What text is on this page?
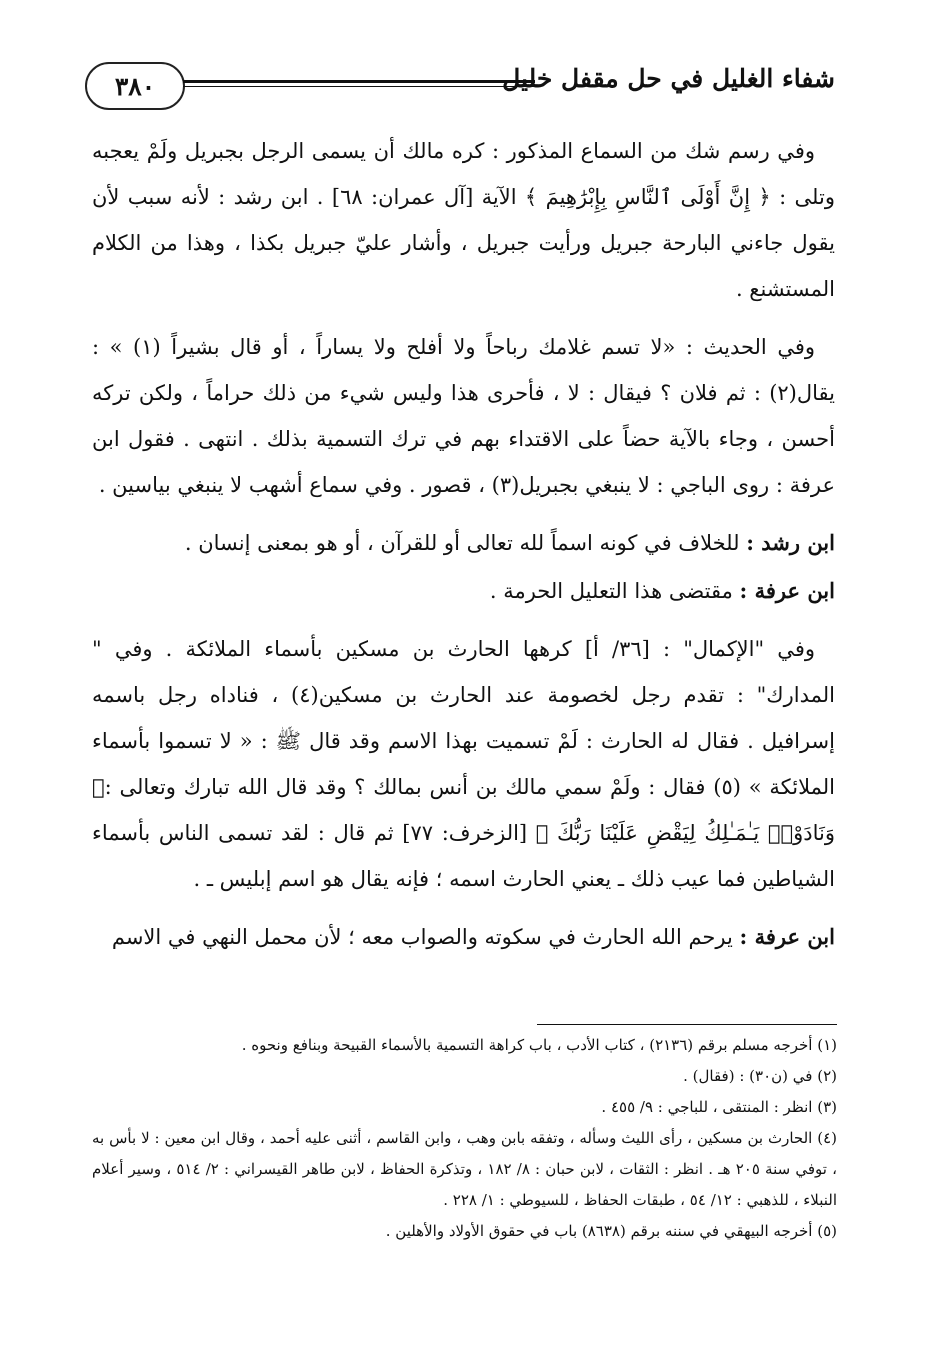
٣٨٠	شفاء الغليل في حل مقفل خليل

وفي رسم شك من السماع المذكور : كره مالك أن يسمى الرجل بجبريل ولَمْ يعجبه وتلى : ﴿ إِنَّ أَوْلَى ٱلنَّاسِ بِإِبْرَٰهِيمَ ﴾ الآية [آل عمران: ٦٨] . ابن رشد : لأنه سبب لأن يقول جاءني البارحة جبريل ورأيت جبريل ، وأشار عليّ جبريل بكذا ، وهذا من الكلام المستشنع .

وفي الحديث : «لا تسم غلامك رباحاً ولا أفلح ولا يساراً ، أو قال بشيراً (١) » : يقال(٢) : ثم فلان ؟ فيقال : لا ، فأحرى هذا وليس شيء من ذلك حراماً ، ولكن تركه أحسن ، وجاء بالآية حضاً على الاقتداء بهم في ترك التسمية بذلك . انتهى . فقول ابن عرفة : روى الباجي : لا ينبغي بجبريل(٣) ، قصور . وفي سماع أشهب لا ينبغي بياسين .

ابن رشد : للخلاف في كونه اسماً لله تعالى أو للقرآن ، أو هو بمعنى إنسان .

ابن عرفة : مقتضى هذا التعليل الحرمة .

وفي "الإكمال" : [٣٦/ أ] كرهها الحارث بن مسكين بأسماء الملائكة . وفي " المدارك" : تقدم رجل لخصومة عند الحارث بن مسكين(٤) ، فناداه رجل باسمه إسرافيل . فقال له الحارث : لَمْ تسميت بهذا الاسم وقد قال ﷺ : « لا تسموا بأسماء الملائكة » (٥) فقال : ولَمْ سمي مالك بن أنس بمالك ؟ وقد قال الله تبارك وتعالى :﴿ وَنَادَوْا۟ يَـٰمَـٰلِكُ لِيَقْضِ عَلَيْنَا رَبُّكَ ﴾ [الزخرف: ٧٧] ثم قال : لقد تسمى الناس بأسماء الشياطين فما عيب ذلك ـ يعني الحارث اسمه ؛ فإنه يقال هو اسم إبليس ـ .

ابن عرفة : يرحم الله الحارث في سكوته والصواب معه ؛ لأن محمل النهي في الاسم

(١) أخرجه مسلم برقم (٢١٣٦) ، كتاب الأدب ، باب كراهة التسمية بالأسماء القبيحة وبنافع ونحوه .

(٢) في (ن٣٠) : (فقال) .

(٣) انظر : المنتقى ، للباجي : ٩/ ٤٥٥ .

(٤) الحارث بن مسكين ، رأى الليث وسأله ، وتفقه بابن وهب ، وابن القاسم ، أثنى عليه أحمد ، وقال ابن معين : لا بأس به ، توفي سنة ٢٠٥ هـ . انظر : الثقات ، لابن حبان : ٨/ ١٨٢ ، وتذكرة الحفاظ ، لابن طاهر القيسراني : ٢/ ٥١٤ ، وسير أعلام النبلاء ، للذهبي : ١٢/ ٥٤ ، طبقات الحفاظ ، للسيوطي : ١/ ٢٢٨ .

(٥) أخرجه البيهقي في سننه برقم (٨٦٣٨) باب في حقوق الأولاد والأهلين .
